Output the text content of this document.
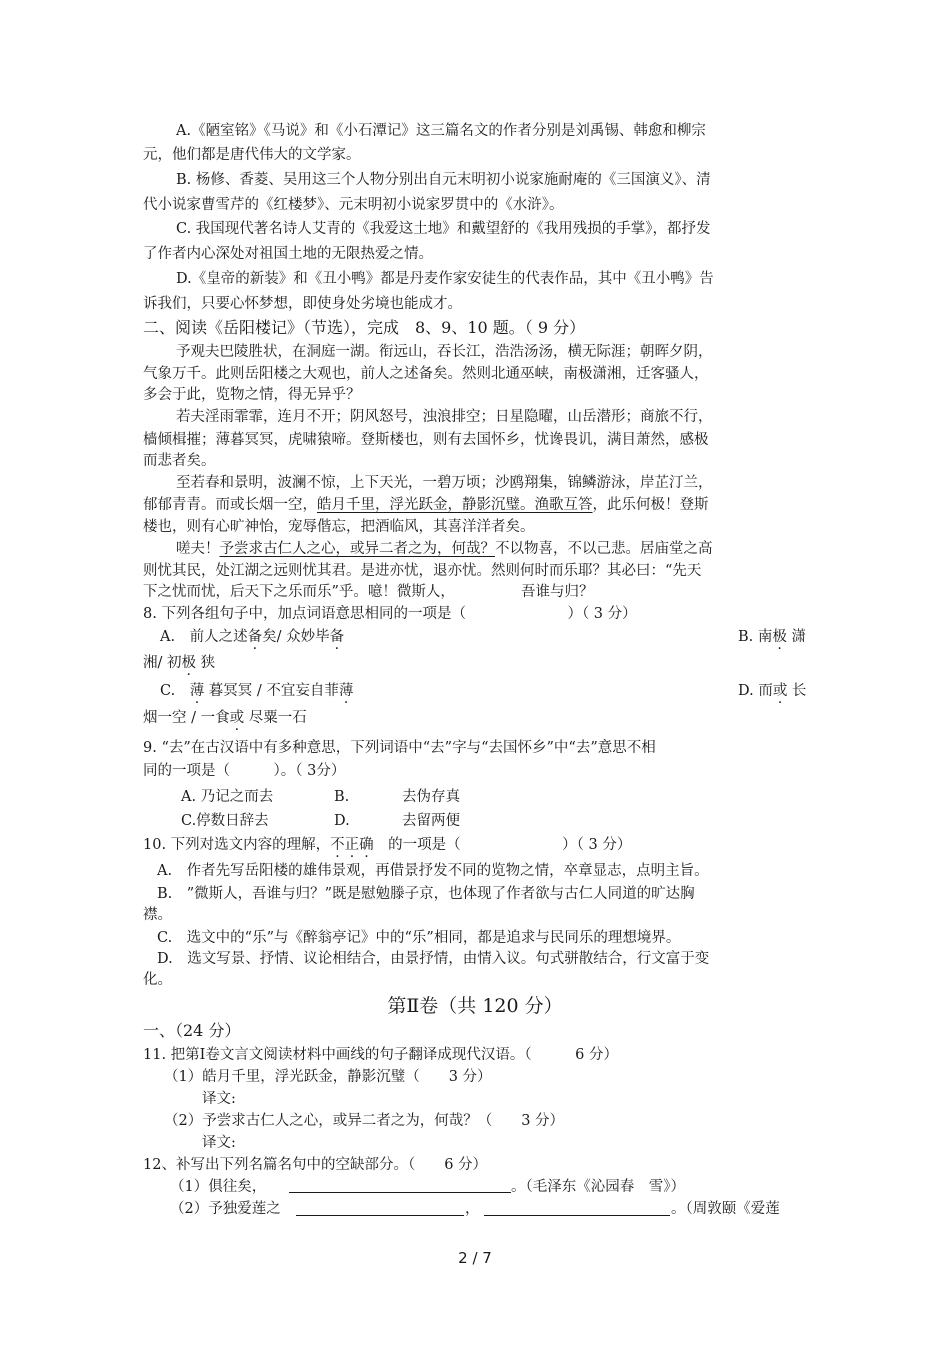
A.《陋室铭》《马说》和《小石潭记》这三篇名文的作者分别是刘禹锡、韩愈和柳宗
元，他们都是唐代伟大的文学家。
B. 杨修、香菱、吴用这三个人物分别出自元末明初小说家施耐庵的《三国演义》、清
代小说家曹雪芹的《红楼梦》、元末明初小说家罗贯中的《水浒》。
C. 我国现代著名诗人艾青的《我爱这土地》和戴望舒的《我用残损的手掌》，都抒发
了作者内心深处对祖国土地的无限热爱之情。
D.《皇帝的新装》和《丑小鸭》都是丹麦作家安徒生的代表作品，其中《丑小鸭》告
诉我们，只要心怀梦想，即使身处劣境也能成才。
二、阅读《岳阳楼记》（节选），完成　8、9、10 题。（ 9 分）
予观夫巴陵胜状，在洞庭一湖。衔远山，吞长江，浩浩汤汤，横无际涯；朝晖夕阴，
气象万千。此则岳阳楼之大观也，前人之述备矣。然则北通巫峡，南极潇湘，迁客骚人，
多会于此，览物之情，得无异乎？
若夫淫雨霏霏，连月不开；阴风怒号，浊浪排空；日星隐曜，山岳潜形；商旅不行，
樯倾楫摧；薄暮冥冥，虎啸猿啼。登斯楼也，则有去国怀乡，忧谗畏讥，满目萧然，感极
而悲者矣。
至若春和景明，波澜不惊，上下天光，一碧万顷；沙鸥翔集，锦鳞游泳，岸芷汀兰，
郁郁青青。而或长烟一空，皓月千里，浮光跃金，静影沉璧。渔歌互答，此乐何极！登斯
楼也，则有心旷神怡，宠辱偕忘，把酒临风，其喜洋洋者矣。
嗟夫！予尝求古仁人之心，或异二者之为，何哉？不以物喜，不以己悲。居庙堂之高
则忧其民，处江湖之远则忧其君。是进亦忧，退亦忧。然则何时而乐耶？其必曰：“先天
下之忧而忧，后天下之乐而乐”乎。噫！微斯人，	吾谁与归？
8. 下列各组句子中，加点词语意思相同的一项是（　　　　　　　）（ 3 分）
A.　前人之述备矣/ 众妙毕备	B. 南极 潇
湘/ 初极 狭
C.　薄 暮冥冥 / 不宜妄自菲薄	D. 而或 长
烟一空 / 一食或 尽粟一石
9. “去”在古汉语中有多种意思，下列词语中“去”字与“去国怀乡”中“去”意思不相
同的一项是（　　　）。（ 3分）
A. 乃记之而去	B.	去伪存真
C.停数日辞去	D.	去留两便
10. 下列对选文内容的理解，不正确　的一项是（　　　　　　　）（ 3 分）
A.　作者先写岳阳楼的雄伟景观，再借景抒发不同的览物之情，卒章显志，点明主旨。
B.　”微斯人，吾谁与归？”既是慰勉滕子京，也体现了作者欲与古仁人同道的旷达胸
襟。
C.　选文中的“乐”与《醉翁亭记》中的“乐”相同，都是追求与民同乐的理想境界。
D.　选文写景、抒情、议论相结合，由景抒情，由情入议。句式骈散结合，行文富于变
化。
第Ⅱ卷（共 120 分）
一、（24 分）
11. 把第Ⅰ卷文言文阅读材料中画线的句子翻译成现代汉语。（　　　6 分）
（1）皓月千里，浮光跃金，静影沉璧（　　3 分）
译文:
（2）予尝求古仁人之心，或异二者之为，何哉？（　　3 分）
译文:
12、补写出下列名篇名句中的空缺部分。（　　6 分）
（1）俱往矣，	。（毛泽东《沁园春　雪》）
（2）予独爱莲之	，	。（周敦颐《爱莲
2 / 7
